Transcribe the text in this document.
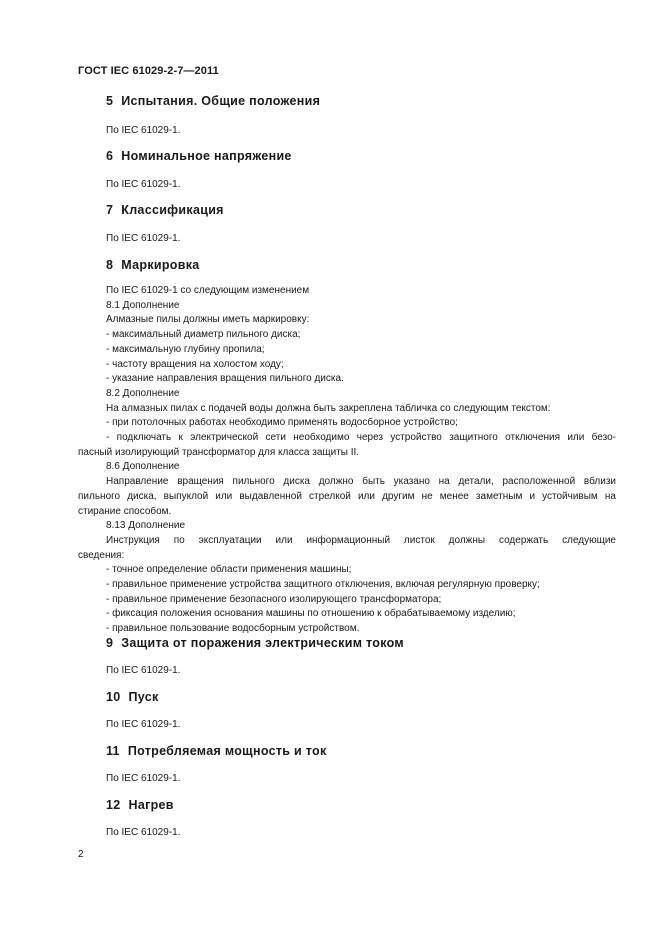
ГОСТ IEC 61029-2-7—2011
5 Испытания. Общие положения
По IEC 61029-1.
6 Номинальное напряжение
По IEC 61029-1.
7 Классификация
По IEC 61029-1.
8 Маркировка
По IEC 61029-1 со следующим изменением
8.1 Дополнение
Алмазные пилы должны иметь маркировку:
- максимальный диаметр пильного диска;
- максимальную глубину пропила;
- частоту вращения на холостом ходу;
- указание направления вращения пильного диска.
8.2 Дополнение
На алмазных пилах с подачей воды должна быть закреплена табличка со следующим текстом:
- при потолочных работах необходимо применять водосборное устройство;
- подключать к электрической сети необходимо через устройство защитного отключения или безо-
пасный изолирующий трансформатор для класса защиты II.
8.6 Дополнение
Направление вращения пильного диска должно быть указано на детали, расположенной вблизи
пильного диска, выпуклой или выдавленной стрелкой или другим не менее заметным и устойчивым на
стирание способом.
8.13 Дополнение
Инструкция по эксплуатации или информационный листок должны содержать следующие
сведения:
- точное определение области применения машины;
- правильное применение устройства защитного отключения, включая регулярную проверку;
- правильное применение безопасного изолирующего трансформатора;
- фиксация положения основания машины по отношению к обрабатываемому изделию;
- правильное пользование водосборным устройством.
9 Защита от поражения электрическим током
По IEC 61029-1.
10 Пуск
По IEC 61029-1.
11 Потребляемая мощность и ток
По IEC 61029-1.
12 Нагрев
По IEC 61029-1.
2
